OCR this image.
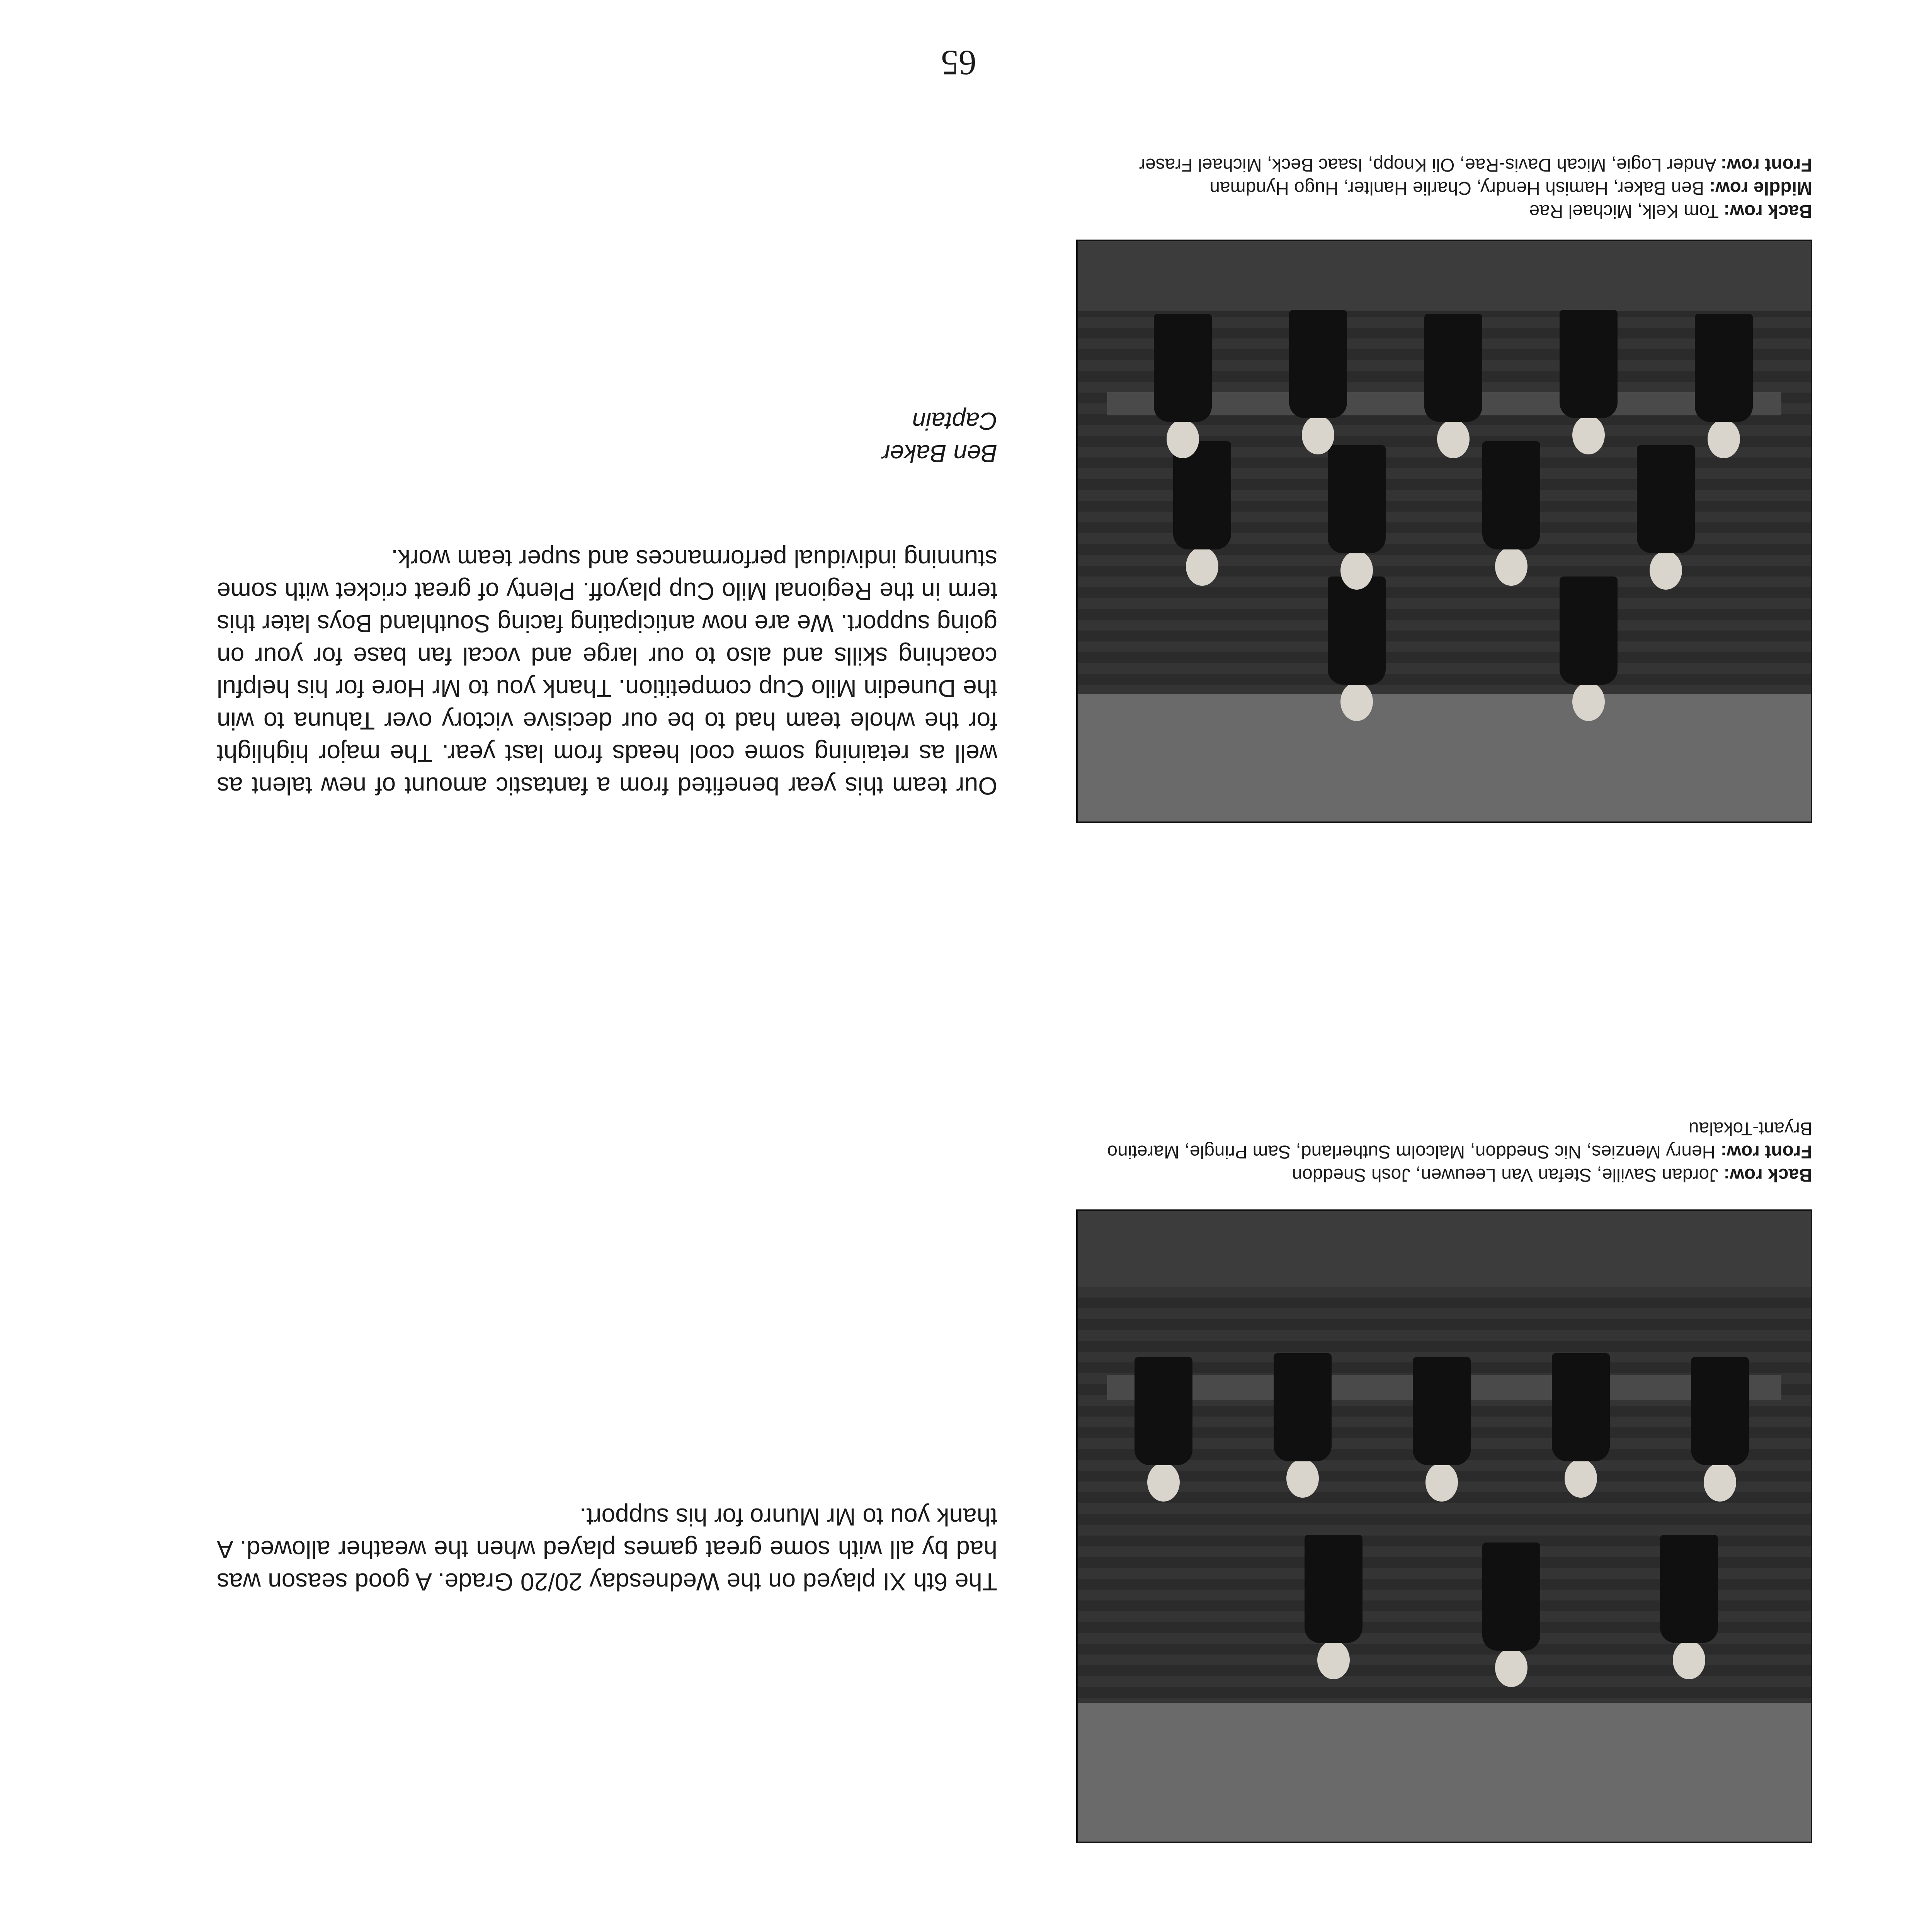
65

Back row: Jordan Saville, Stefan Van Leeuwen, Josh Sneddon
Front row: Henry Menzies, Nic Sneddon, Malcolm Sutherland, Sam Pringle, Maretino Bryant-Tokalau
The 6th XI played on the Wednesday 20/20 Grade. A good season was had by all with some great games played when the weather allowed. A thank you to Mr Munro for his support.
Back row: Tom Kelk, Michael Rae
Middle row: Ben Baker, Hamish Hendry, Charlie Hanlter, Hugo Hyndman
Front row: Ander Logie, Micah Davis-Rae, Oli Knopp, Isaac Beck, Michael Fraser
Our team this year benefited from a fantastic amount of new talent as well as retaining some cool heads from last year. The major highlight for the whole team had to be our decisive victory over Tahuna to win the Dunedin Milo Cup competition. Thank you to Mr Hore for his helpful coaching skills and also to our large and vocal fan base for your on going support. We are now anticipating facing Southland Boys later this term in the Regional Milo Cup playoff. Plenty of great cricket with some stunning individual performances and super team work.
Ben Baker
Captain
